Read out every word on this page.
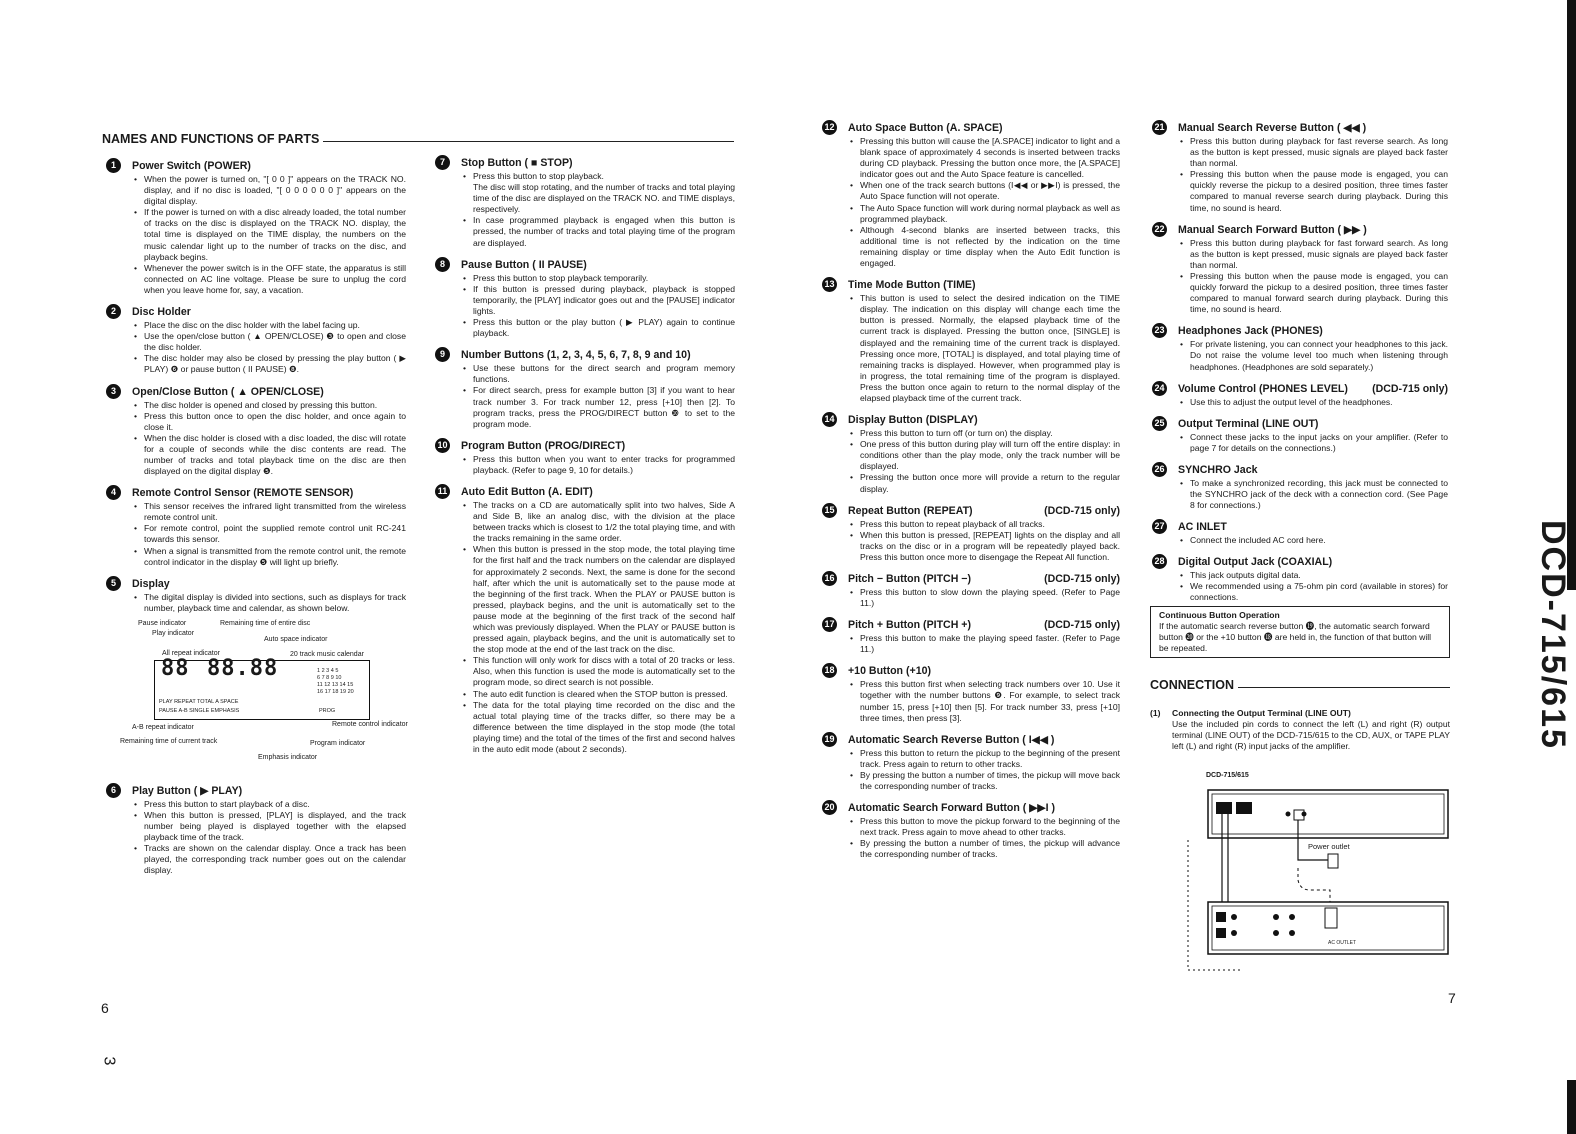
NAMES AND FUNCTIONS OF PARTS
1	Power Switch (POWER)
• When the power is turned on, "[ 0 0 ]" appears on the TRACK NO. display, and if no disc is loaded, "[ 0 0 0 0 0 0 ]" appears on the digital display.
• If the power is turned on with a disc already loaded, the total number of tracks on the disc is displayed on the TRACK NO. display, the total time is displayed on the TIME display, the numbers on the music calendar light up to the number of tracks on the disc, and playback begins.
• Whenever the power switch is in the OFF state, the apparatus is still connected on AC line voltage. Please be sure to unplug the cord when you leave home for, say, a vacation.
2	Disc Holder
• Place the disc on the disc holder with the label facing up.
• Use the open/close button ( ▲ OPEN/CLOSE) ❸ to open and close the disc holder.
• The disc holder may also be closed by pressing the play button ( ▶ PLAY) ❻ or pause button ( II PAUSE) ❽.
3	Open/Close Button ( ▲ OPEN/CLOSE)
• The disc holder is opened and closed by pressing this button.
• Press this button once to open the disc holder, and once again to close it.
• When the disc holder is closed with a disc loaded, the disc will rotate for a couple of seconds while the disc contents are read. The number of tracks and total playback time on the disc are then displayed on the digital display ❺.
4	Remote Control Sensor (REMOTE SENSOR)
• This sensor receives the infrared light transmitted from the wireless remote control unit.
• For remote control, point the supplied remote control unit RC-241 towards this sensor.
• When a signal is transmitted from the remote control unit, the remote control indicator in the display ❺ will light up briefly.
5	Display
• The digital display is divided into sections, such as displays for track number, playback time and calendar, as shown below.
Pause indicator	Remaining time of entire disc
Play indicator
Auto space indicator
All repeat indicator	20 track music calendar
88 88.88
PLAY REPEAT TOTAL A SPACE
PAUSE A-B SINGLE EMPHASIS
1 2 3 4 5
6 7 8 9 10
11 12 13 14 15
16 17 18 19 20
PROG
A-B repeat indicator	Remote control indicator
Remaining time of current track	Program indicator
Emphasis indicator
6	Play Button ( ▶ PLAY)
• Press this button to start playback of a disc.
• When this button is pressed, [PLAY] is displayed, and the track number being played is displayed together with the elapsed playback time of the track.
• Tracks are shown on the calendar display. Once a track has been played, the corresponding track number goes out on the calendar display.
7	Stop Button ( ■ STOP)
• Press this button to stop playback.
The disc will stop rotating, and the number of tracks and total playing time of the disc are displayed on the TRACK NO. and TIME displays, respectively.
• In case programmed playback is engaged when this button is pressed, the number of tracks and total playing time of the program are displayed.
8	Pause Button ( II PAUSE)
• Press this button to stop playback temporarily.
• If this button is pressed during playback, playback is stopped temporarily, the [PLAY] indicator goes out and the [PAUSE] indicator lights.
• Press this button or the play button ( ▶ PLAY) again to continue playback.
9	Number Buttons (1, 2, 3, 4, 5, 6, 7, 8, 9 and 10)
• Use these buttons for the direct search and program memory functions.
• For direct search, press for example button [3] if you want to hear track number 3. For track number 12, press [+10] then [2]. To program tracks, press the PROG/DIRECT button ❿ to set to the program mode.
10 Program Button (PROG/DIRECT)
• Press this button when you want to enter tracks for programmed playback. (Refer to page 9, 10 for details.)
11 Auto Edit Button (A. EDIT)
• The tracks on a CD are automatically split into two halves, Side A and Side B, like an analog disc, with the division at the place between tracks which is closest to 1/2 the total playing time, and with the tracks remaining in the same order.
• When this button is pressed in the stop mode, the total playing time for the first half and the track numbers on the calendar are displayed for approximately 2 seconds. Next, the same is done for the second half, after which the unit is automatically set to the pause mode at the beginning of the first track. When the PLAY or PAUSE button is pressed, playback begins, and the unit is automatically set to the pause mode at the beginning of the first track of the second half which was previously displayed. When the PLAY or PAUSE button is pressed again, playback begins, and the unit is automatically set to the stop mode at the end of the last track on the disc.
• This function will only work for discs with a total of 20 tracks or less. Also, when this function is used the mode is automatically set to the program mode, so direct search is not possible.
• The auto edit function is cleared when the STOP button is pressed.
• The data for the total playing time recorded on the disc and the actual total playing time of the tracks differ, so there may be a difference between the time displayed in the stop mode (the total playing time) and the total of the times of the first and second halves in the auto edit mode (about 2 seconds).
12 Auto Space Button (A. SPACE)
• Pressing this button will cause the [A.SPACE] indicator to light and a blank space of approximately 4 seconds is inserted between tracks during CD playback. Pressing the button once more, the [A.SPACE] indicator goes out and the Auto Space feature is cancelled.
• When one of the track search buttons (I◀◀ or ▶▶I) is pressed, the Auto Space function will not operate.
• The Auto Space function will work during normal playback as well as programmed playback.
• Although 4-second blanks are inserted between tracks, this additional time is not reflected by the indication on the time remaining display or time display when the Auto Edit function is engaged.
13 Time Mode Button (TIME)
• This button is used to select the desired indication on the TIME display. The indication on this display will change each time the button is pressed. Normally, the elapsed playback time of the current track is displayed. Pressing the button once, [SINGLE] is displayed and the remaining time of the current track is displayed. Pressing once more, [TOTAL] is displayed, and total playing time of remaining tracks is displayed. However, when programmed play is in progress, the total remaining time of the program is displayed. Press the button once again to return to the normal display of the elapsed playback time of the current track.
14 Display Button (DISPLAY)
• Press this button to turn off (or turn on) the display.
• One press of this button during play will turn off the entire display: in conditions other than the play mode, only the track number will be displayed.
• Pressing the button once more will provide a return to the regular display.
15 Repeat Button (REPEAT)	(DCD-715 only)
• Press this button to repeat playback of all tracks.
• When this button is pressed, [REPEAT] lights on the display and all tracks on the disc or in a program will be repeatedly played back. Press this button once more to disengage the Repeat All function.
16 Pitch − Button (PITCH −)	(DCD-715 only)
• Press this button to slow down the playing speed. (Refer to Page 11.)
17 Pitch + Button (PITCH +)	(DCD-715 only)
• Press this button to make the playing speed faster. (Refer to Page 11.)
18 +10 Button (+10)
• Press this button first when selecting track numbers over 10. Use it together with the number buttons ❾. For example, to select track number 15, press [+10] then [5]. For track number 33, press [+10] three times, then press [3].
19 Automatic Search Reverse Button ( I◀◀ )
• Press this button to return the pickup to the beginning of the present track. Press again to return to other tracks.
• By pressing the button a number of times, the pickup will move back the corresponding number of tracks.
20 Automatic Search Forward Button ( ▶▶I )
• Press this button to move the pickup forward to the beginning of the next track. Press again to move ahead to other tracks.
• By pressing the button a number of times, the pickup will advance the corresponding number of tracks.
21 Manual Search Reverse Button ( ◀◀ )
• Press this button during playback for fast reverse search. As long as the button is kept pressed, music signals are played back faster than normal.
• Pressing this button when the pause mode is engaged, you can quickly reverse the pickup to a desired position, three times faster compared to manual reverse search during playback. During this time, no sound is heard.
22 Manual Search Forward Button ( ▶▶ )
• Press this button during playback for fast forward search. As long as the button is kept pressed, music signals are played back faster than normal.
• Pressing this button when the pause mode is engaged, you can quickly forward the pickup to a desired position, three times faster compared to manual forward search during playback. During this time, no sound is heard.
23 Headphones Jack (PHONES)
• For private listening, you can connect your headphones to this jack. Do not raise the volume level too much when listening through headphones. (Headphones are sold separately.)
24 Volume Control (PHONES LEVEL) (DCD-715 only)
• Use this to adjust the output level of the headphones.
25 Output Terminal (LINE OUT)
• Connect these jacks to the input jacks on your amplifier. (Refer to page 7 for details on the connections.)
26 SYNCHRO Jack
• To make a synchronized recording, this jack must be connected to the SYNCHRO jack of the deck with a connection cord. (See Page 8 for connections.)
27 AC INLET
• Connect the included AC cord here.
28 Digital Output Jack (COAXIAL)
• This jack outputs digital data.
• We recommended using a 75-ohm pin cord (available in stores) for connections.
Continuous Button Operation
If the automatic search reverse button ⓳, the automatic search forward button ⓴ or the +10 button ⓲ are held in, the function of that button will be repeated.
CONNECTION
(1) Connecting the Output Terminal (LINE OUT)
Use the included pin cords to connect the left (L) and right (R) output terminal (LINE OUT) of the DCD-715/615 to the CD, AUX, or TAPE PLAY left (L) and right (R) input jacks of the amplifier.
DCD-715/615
Power outlet
AC OUTLET
6
7
3
DCD-715/615
